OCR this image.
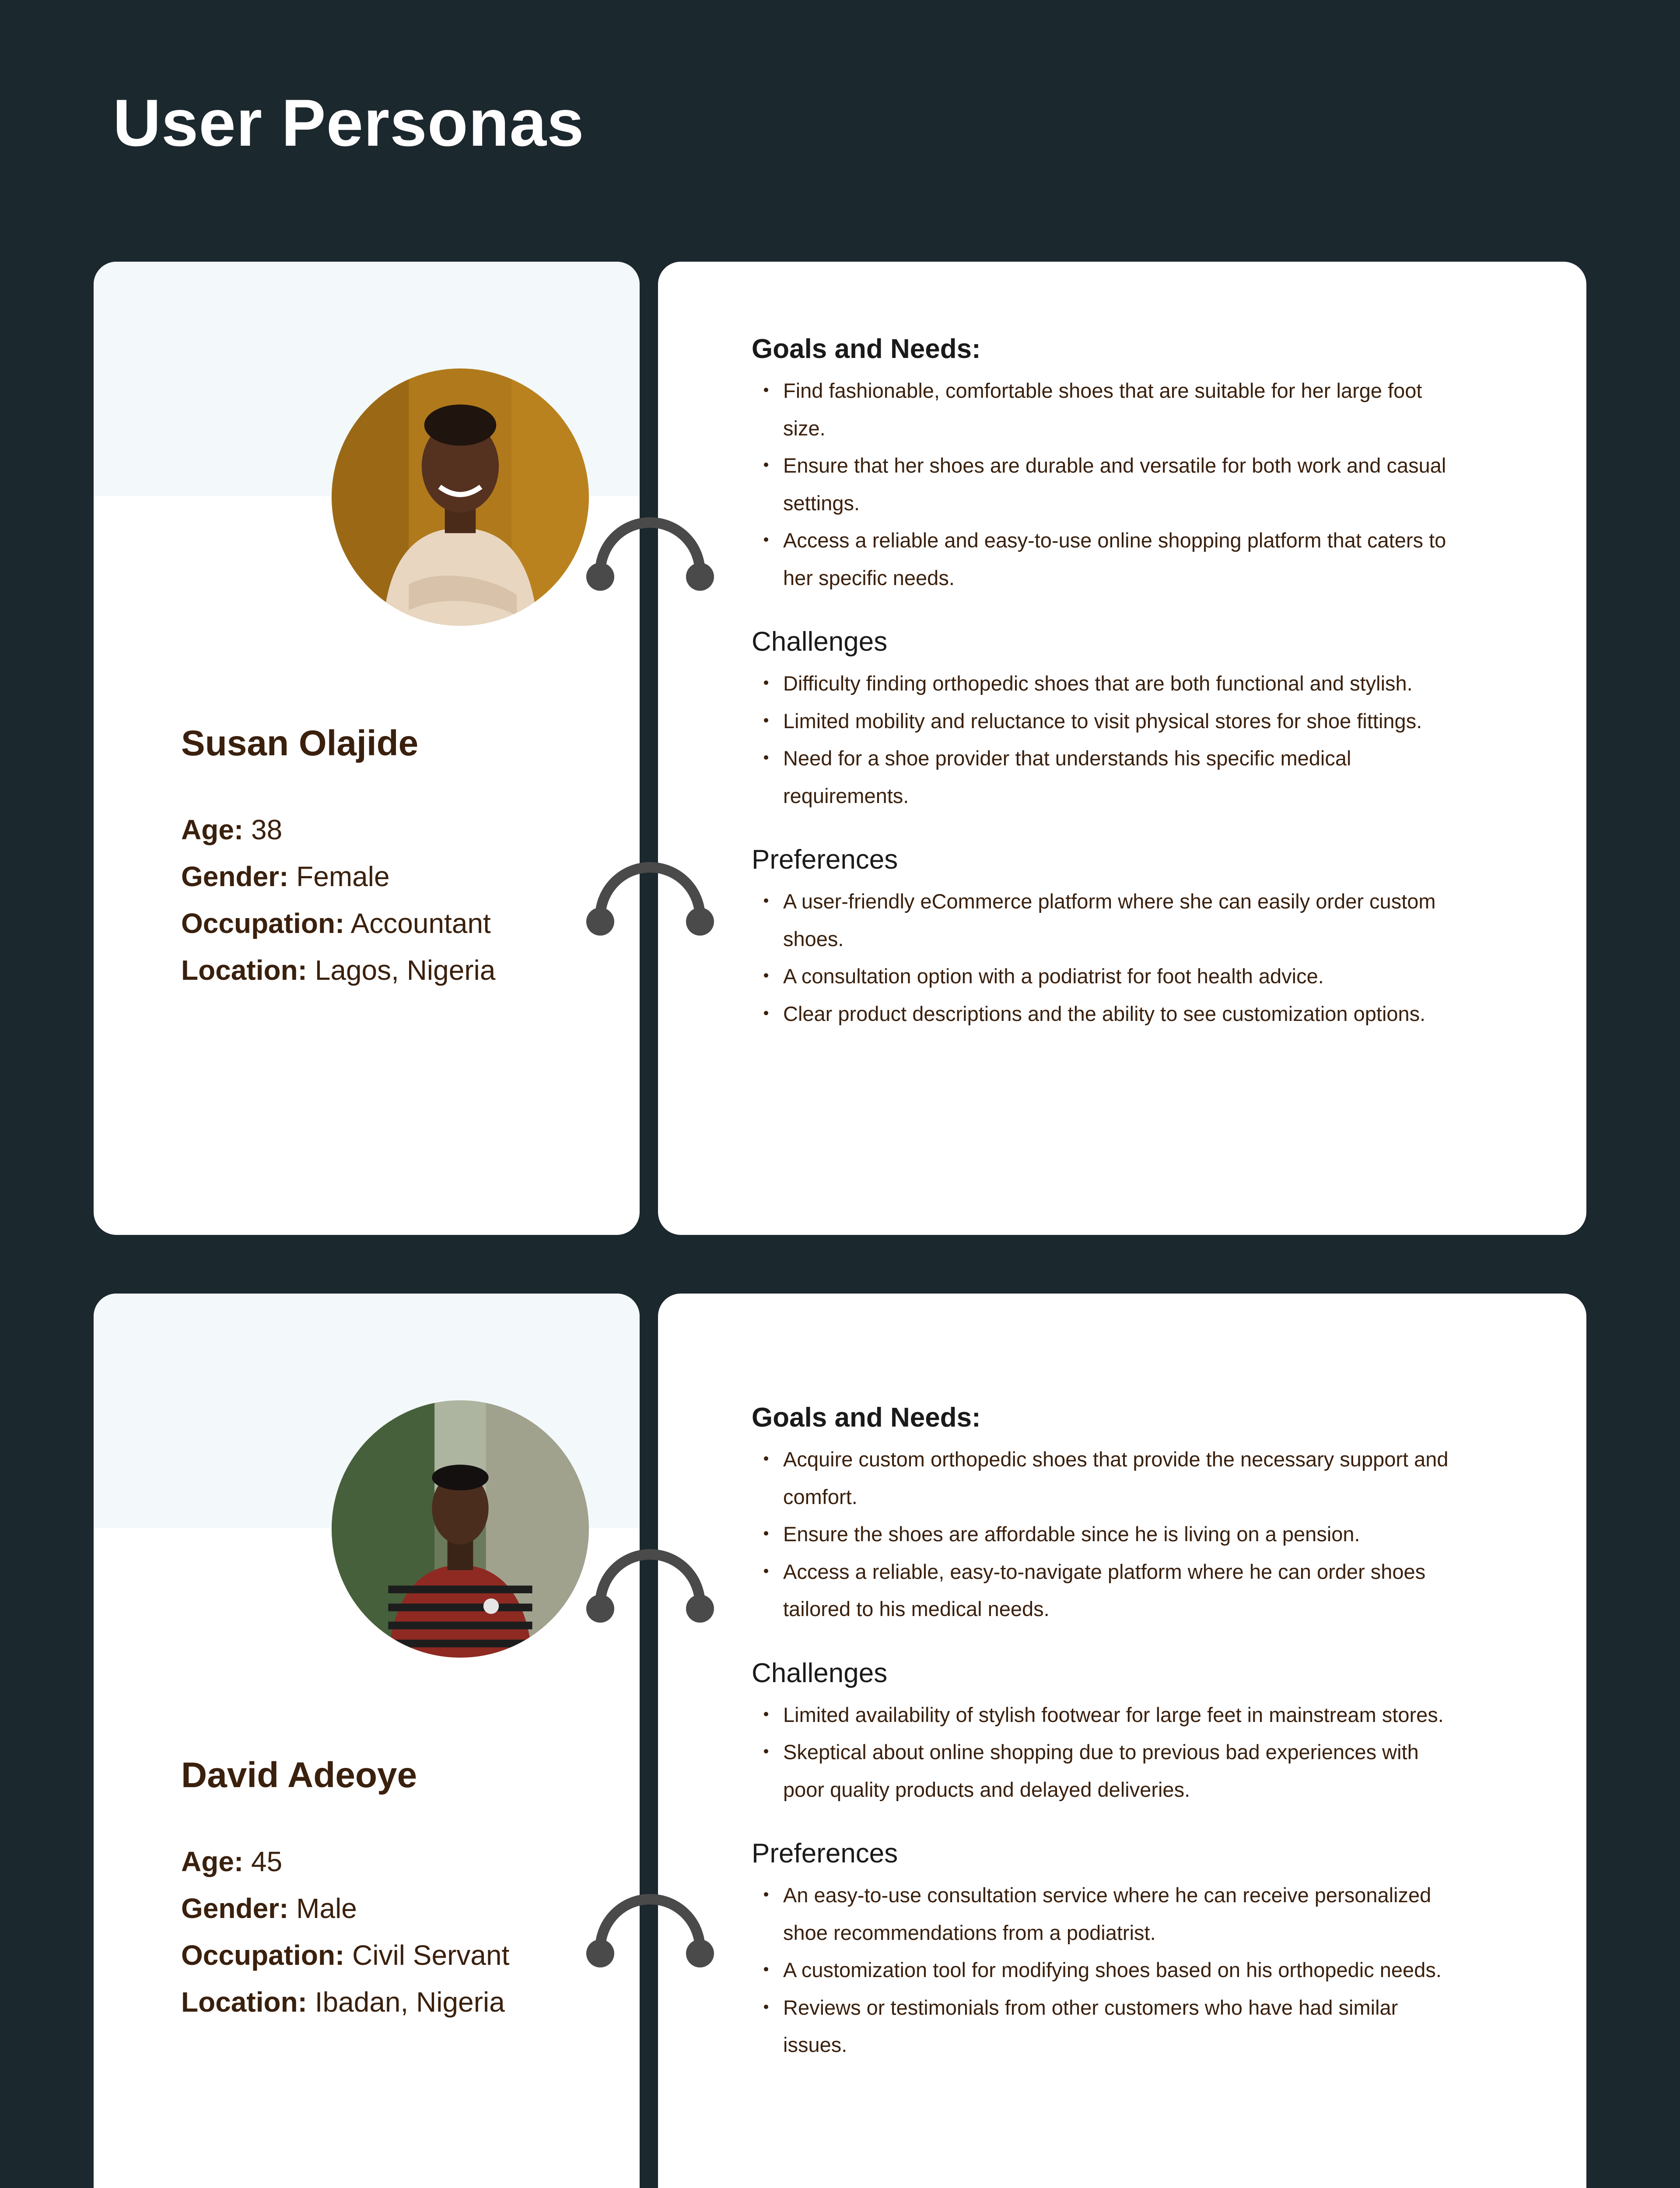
User Personas
Susan Olajide
Age: 38
Gender: Female
Occupation: Accountant
Location: Lagos, Nigeria
Goals and Needs:
Find fashionable, comfortable shoes that are suitable for her large foot size.
Ensure that her shoes are durable and versatile for both work and casual settings.
Access a reliable and easy-to-use online shopping platform that caters to her specific needs.
Challenges
Difficulty finding orthopedic shoes that are both functional and stylish.
Limited mobility and reluctance to visit physical stores for shoe fittings.
Need for a shoe provider that understands his specific medical requirements.
Preferences
A user-friendly eCommerce platform where she can easily order custom shoes.
A consultation option with a podiatrist for foot health advice.
Clear product descriptions and the ability to see customization options.
David Adeoye
Age: 45
Gender: Male
Occupation: Civil Servant
Location: Ibadan, Nigeria
Goals and Needs:
Acquire custom orthopedic shoes that provide the necessary support and comfort.
Ensure the shoes are affordable since he is living on a pension.
Access a reliable, easy-to-navigate platform where he can order shoes tailored to his medical needs.
Challenges
Limited availability of stylish footwear for large feet in mainstream stores.
Skeptical about online shopping due to previous bad experiences with poor quality products and delayed deliveries.
Preferences
An easy-to-use consultation service where he can receive personalized shoe recommendations from a podiatrist.
A customization tool for modifying shoes based on his orthopedic needs.
Reviews or testimonials from other customers who have had similar issues.
